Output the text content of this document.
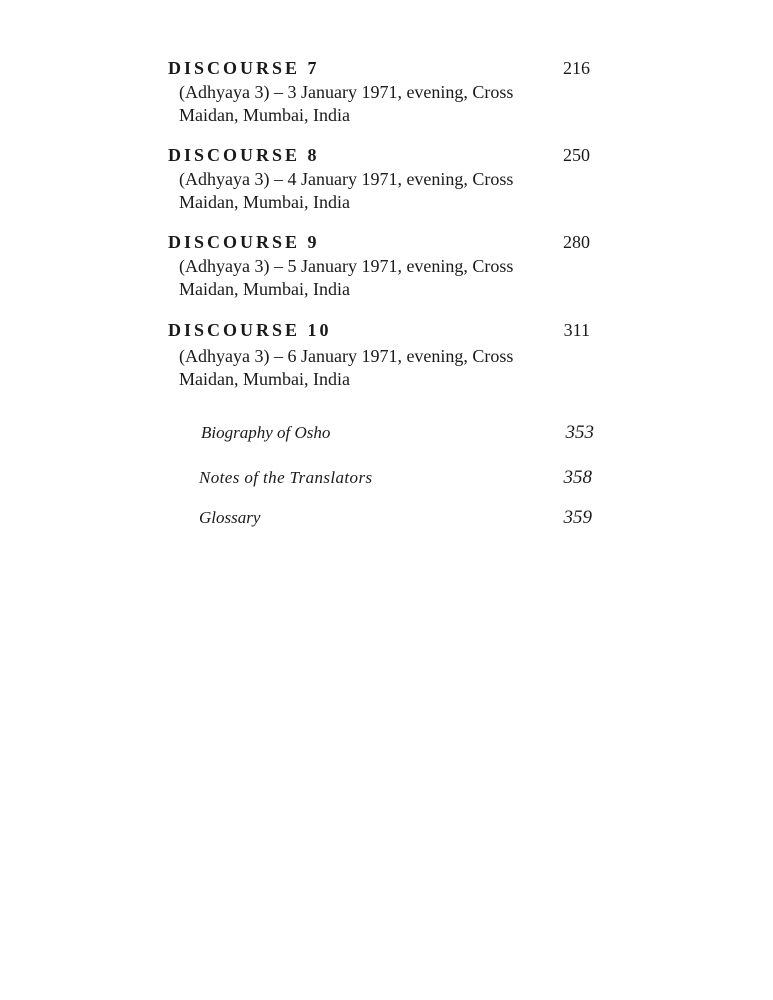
DISCOURSE 7	216
(Adhyaya 3) – 3 January 1971, evening, Cross
Maidan, Mumbai, India
DISCOURSE 8	250
(Adhyaya 3) – 4 January 1971, evening, Cross
Maidan, Mumbai, India
DISCOURSE 9	280
(Adhyaya 3) – 5 January 1971, evening, Cross
Maidan, Mumbai, India
DISCOURSE 10	311
(Adhyaya 3) – 6 January 1971, evening, Cross
Maidan, Mumbai, India
Biography of Osho	353
Notes of the Translators	358
Glossary	359
